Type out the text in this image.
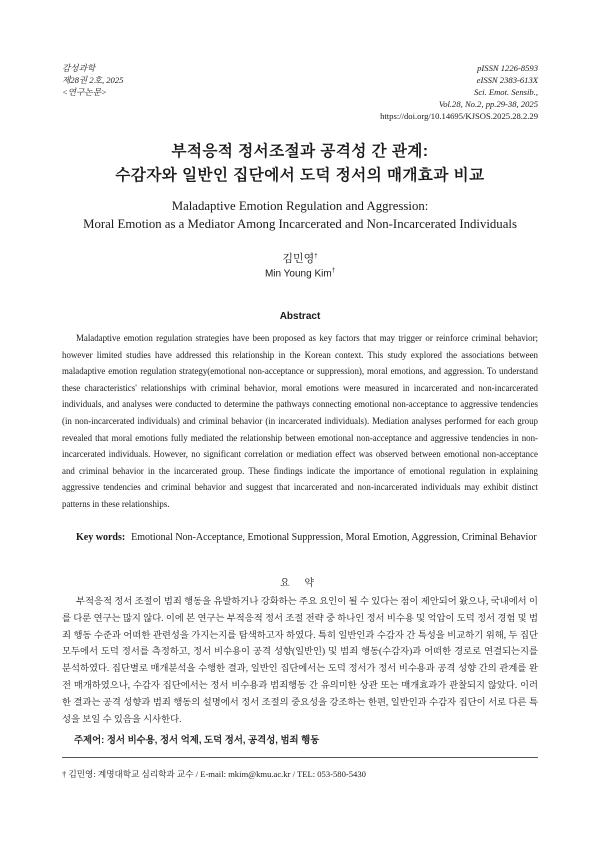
감성과학
제28권 2호, 2025
<연구논문>
pISSN 1226-8593
eISSN 2383-613X
Sci. Emot. Sensib.,
Vol.28, No.2, pp.29-38, 2025
https://doi.org/10.14695/KJSOS.2025.28.2.29
부적응적 정서조절과 공격성 간 관계:
수감자와 일반인 집단에서 도덕 정서의 매개효과 비교
Maladaptive Emotion Regulation and Aggression:
Moral Emotion as a Mediator Among Incarcerated and Non-Incarcerated Individuals
김민영†
Min Young Kim†
Abstract

Maladaptive emotion regulation strategies have been proposed as key factors that may trigger or reinforce criminal behavior; however limited studies have addressed this relationship in the Korean context. This study explored the associations between maladaptive emotion regulation strategy(emotional non-acceptance or suppression), moral emotions, and aggression. To understand these characteristics' relationships with criminal behavior, moral emotions were measured in incarcerated and non-incarcerated individuals, and analyses were conducted to determine the pathways connecting emotional non-acceptance to aggressive tendencies (in non-incarcerated individuals) and criminal behavior (in incarcerated individuals). Mediation analyses performed for each group revealed that moral emotions fully mediated the relationship between emotional non-acceptance and aggressive tendencies in non-incarcerated individuals. However, no significant correlation or mediation effect was observed between emotional non-acceptance and criminal behavior in the incarcerated group. These findings indicate the importance of emotional regulation in explaining aggressive tendencies and criminal behavior and suggest that incarcerated and non-incarcerated individuals may exhibit distinct patterns in these relationships.

Key words: Emotional Non-Acceptance, Emotional Suppression, Moral Emotion, Aggression, Criminal Behavior
요 약

부적응적 정서 조절이 범죄 행동을 유발하거나 강화하는 주요 요인이 될 수 있다는 점이 제안되어 왔으나, 국내에서 이를 다룬 연구는 많지 않다. 이에 본 연구는 부적응적 정서 조절 전략 중 하나인 정서 비수용 및 억압이 도덕 정서 경험 및 범죄 행동 수준과 어떠한 관련성을 가지는지를 탐색하고자 하였다. 특히 일반인과 수감자 간 특성을 비교하기 위해, 두 집단 모두에서 도덕 정서를 측정하고, 정서 비수용이 공격 성향(일반인) 및 범죄 행동(수감자)과 어떠한 경로로 연결되는지를 분석하였다. 집단별로 매개분석을 수행한 결과, 일반인 집단에서는 도덕 정서가 정서 비수용과 공격 성향 간의 관계를 완전 매개하였으나, 수감자 집단에서는 정서 비수용과 범죄행동 간 유의미한 상관 또는 매개효과가 관찰되지 않았다. 이러한 결과는 공격 성향과 범죄 행동의 설명에서 정서 조절의 중요성을 강조하는 한편, 일반인과 수감자 집단이 서로 다른 특성을 보일 수 있음을 시사한다.

주제어: 정서 비수용, 정서 억제, 도덕 정서, 공격성, 범죄 행동
† 김민영: 계명대학교 심리학과 교수 / E-mail: mkim@kmu.ac.kr / TEL: 053-580-5430
